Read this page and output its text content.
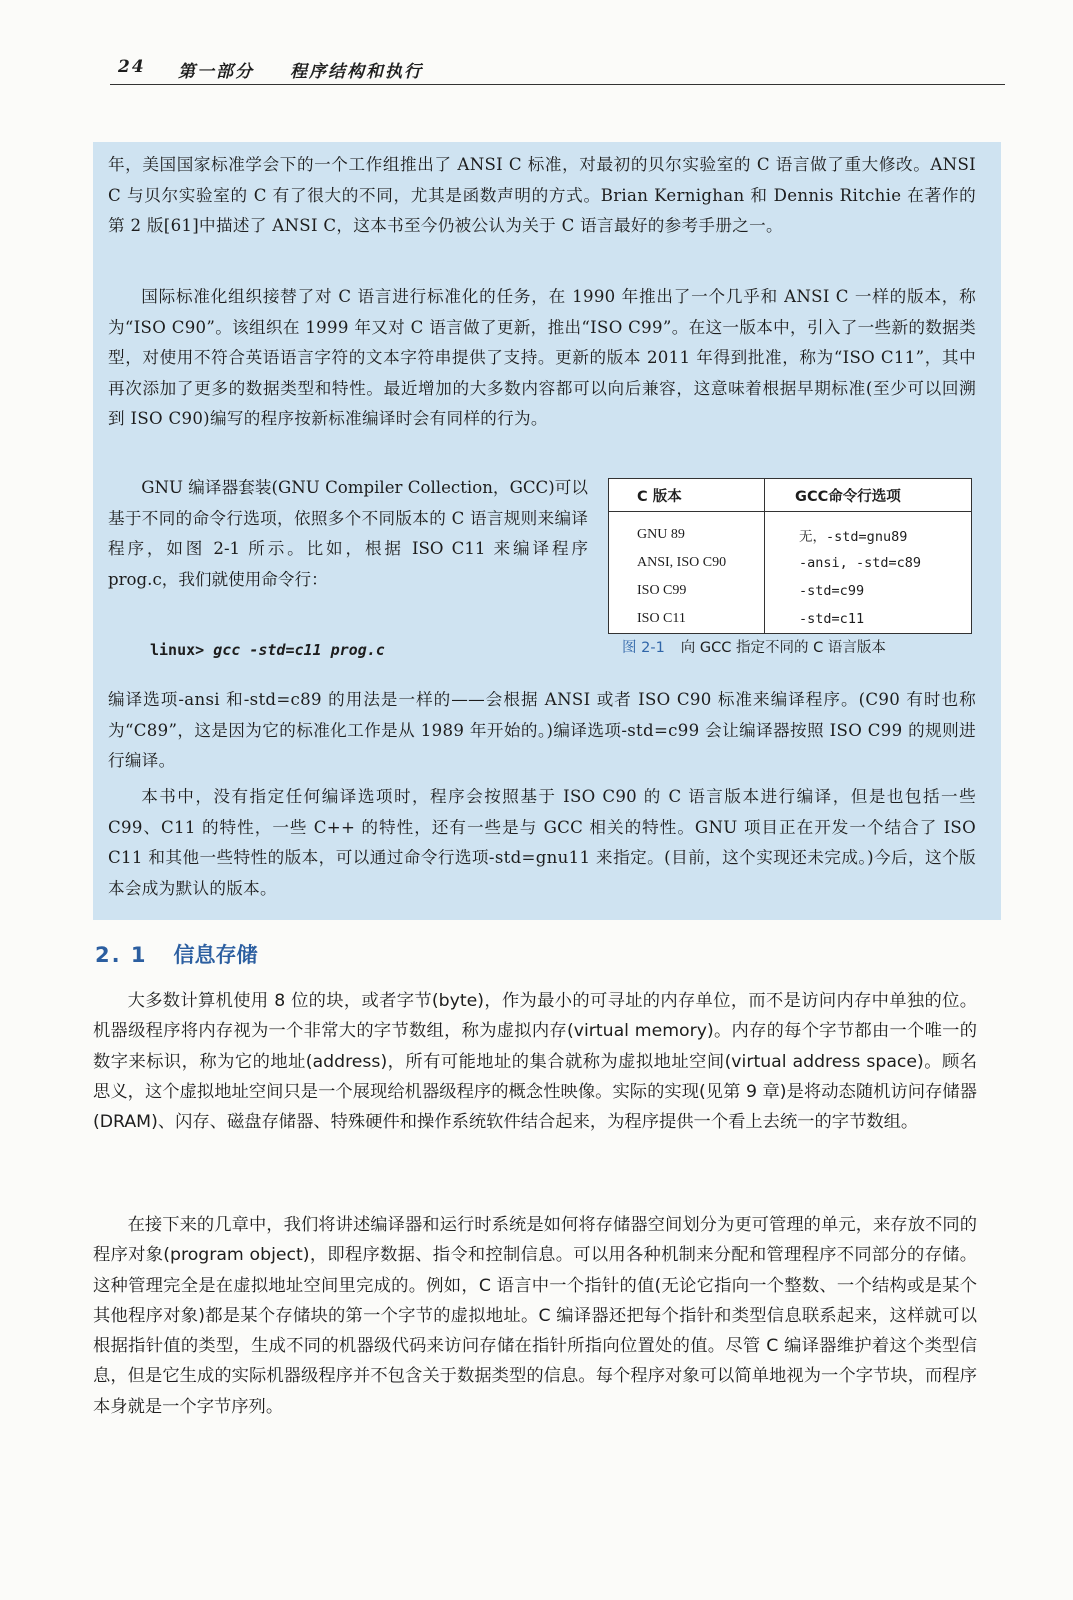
24 第一部分 程序结构和执行

年，美国国家标准学会下的一个工作组推出了 ANSI C 标准，对最初的贝尔实验室的 C 语言做了重大修改。ANSI C 与贝尔实验室的 C 有了很大的不同，尤其是函数声明的方式。Brian Kernighan 和 Dennis Ritchie 在著作的第 2 版[61]中描述了 ANSI C，这本书至今仍被公认为关于 C 语言最好的参考手册之一。

国际标准化组织接替了对 C 语言进行标准化的任务，在 1990 年推出了一个几乎和 ANSI C 一样的版本，称为“ISO C90”。该组织在 1999 年又对 C 语言做了更新，推出“ISO C99”。在这一版本中，引入了一些新的数据类型，对使用不符合英语语言字符的文本字符串提供了支持。更新的版本 2011 年得到批准，称为“ISO C11”，其中再次添加了更多的数据类型和特性。最近增加的大多数内容都可以向后兼容，这意味着根据早期标准(至少可以回溯到 ISO C90)编写的程序按新标准编译时会有同样的行为。

GNU 编译器套装(GNU Compiler Collection，GCC)可以基于不同的命令行选项，依照多个不同版本的 C 语言规则来编译程序，如图 2-1 所示。比如，根据 ISO C11 来编译程序 prog.c，我们就使用命令行：

linux> gcc -std=c11 prog.c
C 版本	GCC命令行选项
GNU 89	无，-std=gnu89
ANSI, ISO C90	-ansi, -std=c89
ISO C99	-std=c99
ISO C11	-std=c11
图 2-1 向 GCC 指定不同的 C 语言版本

编译选项-ansi 和-std=c89 的用法是一样的——会根据 ANSI 或者 ISO C90 标准来编译程序。(C90 有时也称为“C89”，这是因为它的标准化工作是从 1989 年开始的。)编译选项-std=c99 会让编译器按照 ISO C99 的规则进行编译。

本书中，没有指定任何编译选项时，程序会按照基于 ISO C90 的 C 语言版本进行编译，但是也包括一些 C99、C11 的特性，一些 C++ 的特性，还有一些是与 GCC 相关的特性。GNU 项目正在开发一个结合了 ISO C11 和其他一些特性的版本，可以通过命令行选项-std=gnu11 来指定。(目前，这个实现还未完成。)今后，这个版本会成为默认的版本。

2. 1 信息存储

大多数计算机使用 8 位的块，或者字节(byte)，作为最小的可寻址的内存单位，而不是访问内存中单独的位。机器级程序将内存视为一个非常大的字节数组，称为虚拟内存(virtual memory)。内存的每个字节都由一个唯一的数字来标识，称为它的地址(address)，所有可能地址的集合就称为虚拟地址空间(virtual address space)。顾名思义，这个虚拟地址空间只是一个展现给机器级程序的概念性映像。实际的实现(见第 9 章)是将动态随机访问存储器(DRAM)、闪存、磁盘存储器、特殊硬件和操作系统软件结合起来，为程序提供一个看上去统一的字节数组。

在接下来的几章中，我们将讲述编译器和运行时系统是如何将存储器空间划分为更可管理的单元，来存放不同的程序对象(program object)，即程序数据、指令和控制信息。可以用各种机制来分配和管理程序不同部分的存储。这种管理完全是在虚拟地址空间里完成的。例如，C 语言中一个指针的值(无论它指向一个整数、一个结构或是某个其他程序对象)都是某个存储块的第一个字节的虚拟地址。C 编译器还把每个指针和类型信息联系起来，这样就可以根据指针值的类型，生成不同的机器级代码来访问存储在指针所指向位置处的值。尽管 C 编译器维护着这个类型信息，但是它生成的实际机器级程序并不包含关于数据类型的信息。每个程序对象可以简单地视为一个字节块，而程序本身就是一个字节序列。
